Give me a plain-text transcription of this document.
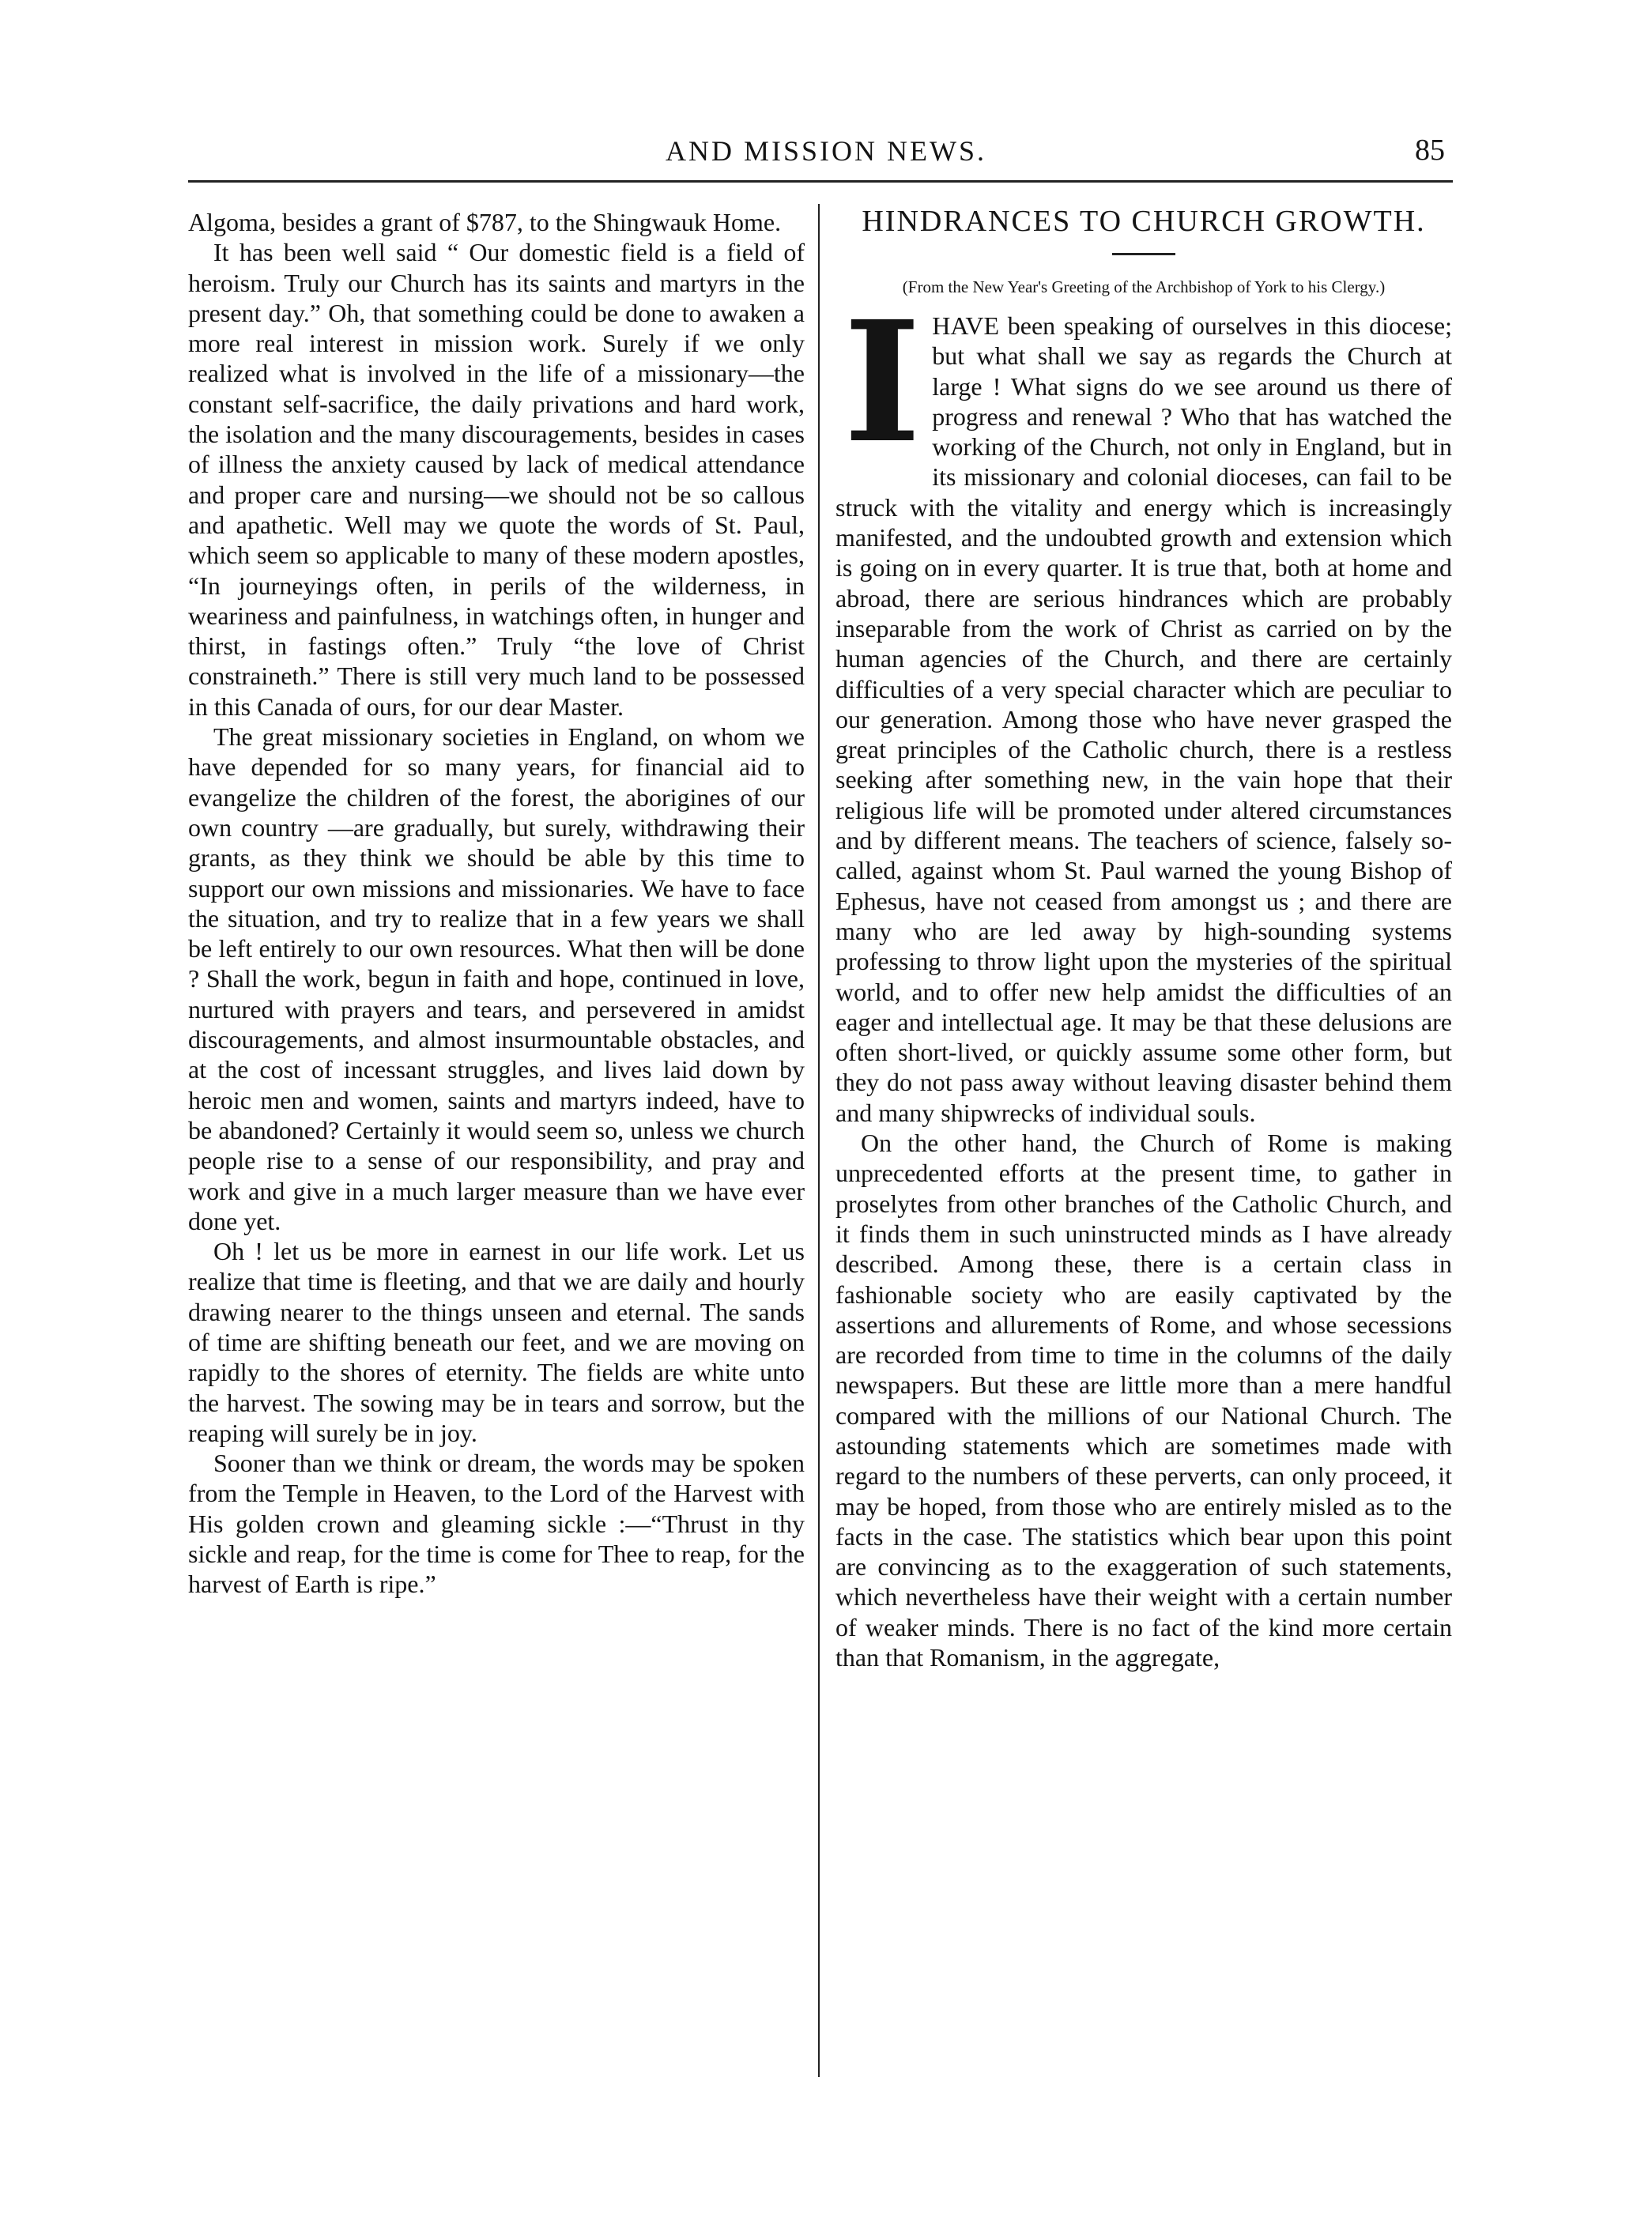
AND MISSION NEWS.	85

Algoma, besides a grant of $787, to the Shingwauk Home.

It has been well said “ Our domestic field is a field of heroism. Truly our Church has its saints and martyrs in the present day.” Oh, that something could be done to awaken a more real interest in mission work. Surely if we only realized what is involved in the life of a missionary—the constant self-sacrifice, the daily privations and hard work, the isolation and the many discouragements, besides in cases of illness the anxiety caused by lack of medical attendance and proper care and nursing—we should not be so callous and apathetic. Well may we quote the words of St. Paul, which seem so applicable to many of these modern apostles, “In journeyings often, in perils of the wilderness, in weariness and painfulness, in watchings often, in hunger and thirst, in fastings often.” Truly “the love of Christ constraineth.” There is still very much land to be possessed in this Canada of ours, for our dear Master.

The great missionary societies in England, on whom we have depended for so many years, for financial aid to evangelize the children of the forest, the aborigines of our own country —are gradually, but surely, withdrawing their grants, as they think we should be able by this time to support our own missions and missionaries. We have to face the situation, and try to realize that in a few years we shall be left entirely to our own resources. What then will be done ? Shall the work, begun in faith and hope, continued in love, nurtured with prayers and tears, and persevered in amidst discouragements, and almost insurmountable obstacles, and at the cost of incessant struggles, and lives laid down by heroic men and women, saints and martyrs indeed, have to be abandoned? Certainly it would seem so, unless we church people rise to a sense of our responsibility, and pray and work and give in a much larger measure than we have ever done yet.

Oh ! let us be more in earnest in our life work. Let us realize that time is fleeting, and that we are daily and hourly drawing nearer to the things unseen and eternal. The sands of time are shifting beneath our feet, and we are moving on rapidly to the shores of eternity. The fields are white unto the harvest. The sowing may be in tears and sorrow, but the reaping will surely be in joy.

Sooner than we think or dream, the words may be spoken from the Temple in Heaven, to the Lord of the Harvest with His golden crown and gleaming sickle :—“Thrust in thy sickle and reap, for the time is come for Thee to reap, for the harvest of Earth is ripe.”

HINDRANCES TO CHURCH GROWTH.
(From the New Year's Greeting of the Archbishop of York to his Clergy.)

IHAVE been speaking of ourselves in this diocese; but what shall we say as regards the Church at large ! What signs do we see around us there of progress and renewal ? Who that has watched the working of the Church, not only in England, but in its missionary and colonial dioceses, can fail to be struck with the vitality and energy which is increasingly manifested, and the undoubted growth and extension which is going on in every quarter. It is true that, both at home and abroad, there are serious hindrances which are probably inseparable from the work of Christ as carried on by the human agencies of the Church, and there are certainly difficulties of a very special character which are peculiar to our generation. Among those who have never grasped the great principles of the Catholic church, there is a restless seeking after something new, in the vain hope that their religious life will be promoted under altered circumstances and by different means. The teachers of science, falsely so-called, against whom St. Paul warned the young Bishop of Ephesus, have not ceased from amongst us ; and there are many who are led away by high-sounding systems professing to throw light upon the mysteries of the spiritual world, and to offer new help amidst the difficulties of an eager and intellectual age. It may be that these delusions are often short-lived, or quickly assume some other form, but they do not pass away without leaving disaster behind them and many shipwrecks of individual souls.

On the other hand, the Church of Rome is making unprecedented efforts at the present time, to gather in proselytes from other branches of the Catholic Church, and it finds them in such uninstructed minds as I have already described. Among these, there is a certain class in fashionable society who are easily captivated by the assertions and allurements of Rome, and whose secessions are recorded from time to time in the columns of the daily newspapers. But these are little more than a mere handful compared with the millions of our National Church. The astounding statements which are sometimes made with regard to the numbers of these perverts, can only proceed, it may be hoped, from those who are entirely misled as to the facts in the case. The statistics which bear upon this point are convincing as to the exaggeration of such statements, which nevertheless have their weight with a certain number of weaker minds. There is no fact of the kind more certain than that Romanism, in the aggregate,
